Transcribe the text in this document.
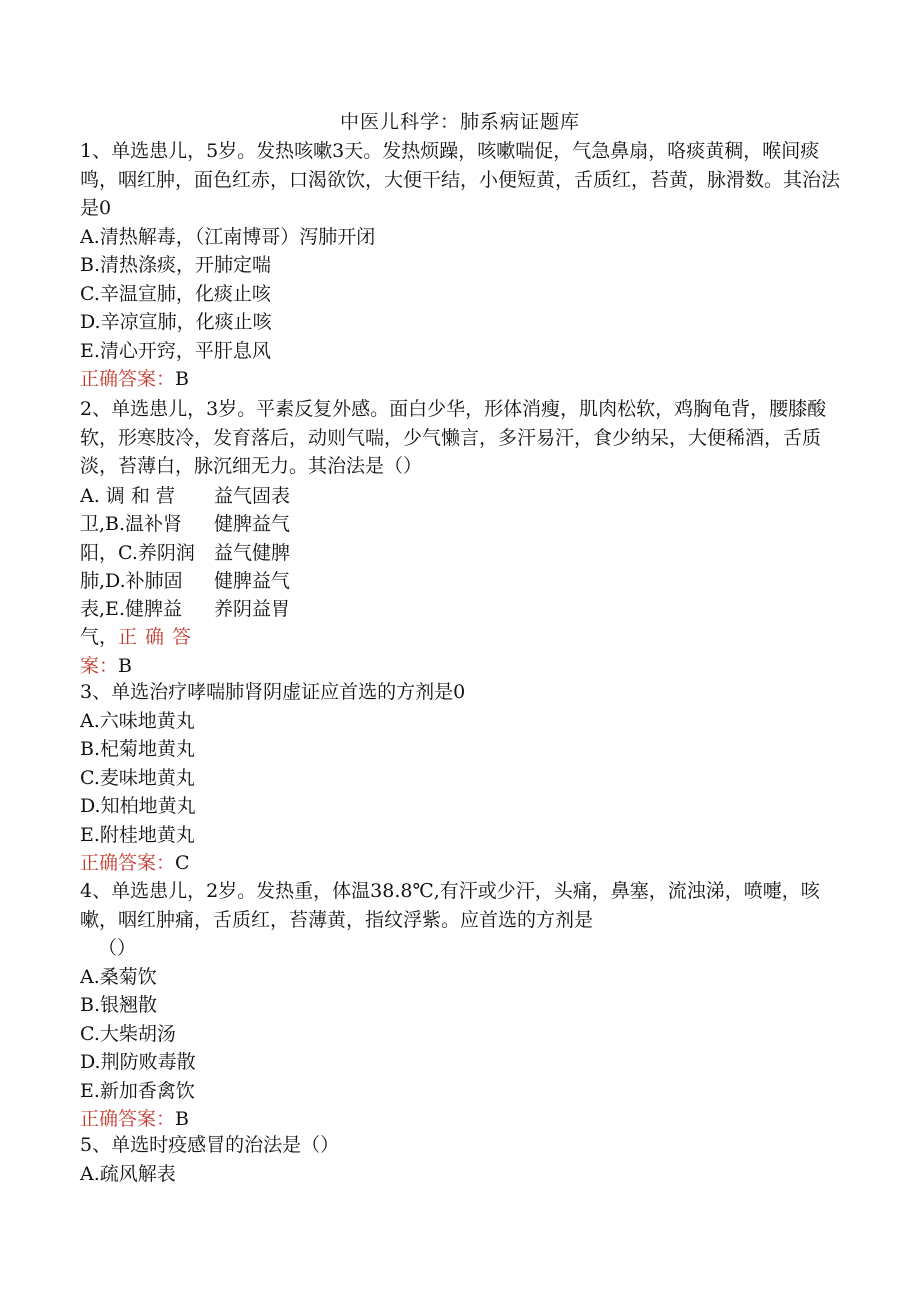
中医儿科学：肺系病证题库
1、单选患儿，5岁。发热咳嗽3天。发热烦躁，咳嗽喘促，气急鼻扇，咯痰黄稠，喉间痰鸣，咽红肿，面色红赤，口渴欲饮，大便干结，小便短黄，舌质红，苔黄，脉滑数。其治法是0
A.清热解毒，（江南博哥）泻肺开闭
B.清热涤痰，开肺定喘
C.辛温宣肺，化痰止咳
D.辛凉宣肺，化痰止咳
E.清心开窍，平肝息风
正确答案：B
2、单选患儿，3岁。平素反复外感。面白少华，形体消瘦，肌肉松软，鸡胸龟背，腰膝酸软，形寒肢冷，发育落后，动则气喘，少气懒言，多汗易汗，食少纳呆，大便稀酒，舌质淡，苔薄白，脉沉细无力。其治法是（）
A. 调 和 营
卫,B.温补肾
阳，C.养阴润
肺,D.补肺固
表,E.健脾益
气，正确答
案：B
益气固表
健脾益气
益气健脾
健脾益气
养阴益胃
3、单选治疗哮喘肺肾阴虚证应首选的方剂是0
A.六味地黄丸
B.杞菊地黄丸
C.麦味地黄丸
D.知柏地黄丸
E.附桂地黄丸
正确答案：C
4、单选患儿，2岁。发热重，体温38.8℃,有汗或少汗，头痛，鼻塞，流浊涕，喷嚏，咳嗽，咽红肿痛，舌质红，苔薄黄，指纹浮紫。应首选的方剂是
（）
A.桑菊饮
B.银翘散
C.大柴胡汤
D.荆防败毒散
E.新加香禽饮
正确答案：B
5、单选时疫感冒的治法是（）
A.疏风解表
